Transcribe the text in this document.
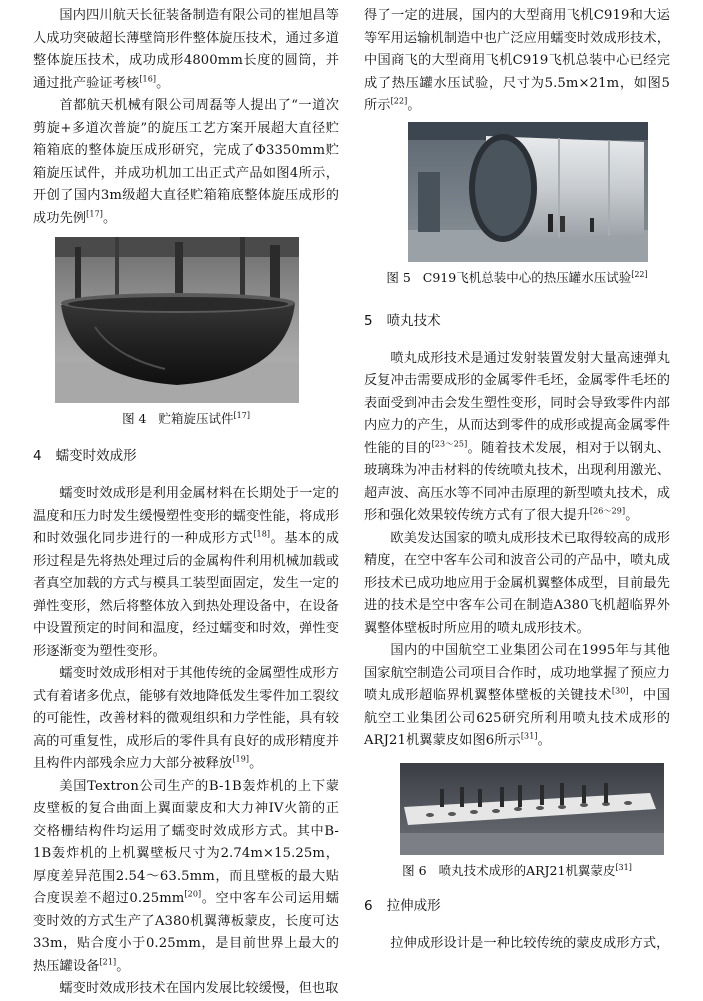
国内四川航天长征装备制造有限公司的崔旭昌等人成功突破超长薄壁筒形件整体旋压技术，通过多道整体旋压技术，成功成形4800mm长度的圆筒，并通过批产验证考核[16]。

首都航天机械有限公司周磊等人提出了“一道次剪旋+多道次普旋”的旋压工艺方案开展超大直径贮箱箱底的整体旋压成形研究，完成了Φ3350mm贮箱旋压试件，并成功机加工出正式产品如图4所示，开创了国内3m级超大直径贮箱箱底整体旋压成形的成功先例[17]。

图 4 贮箱旋压试件[17]

4 蠕变时效成形

蠕变时效成形是利用金属材料在长期处于一定的温度和压力时发生缓慢塑性变形的蠕变性能，将成形和时效强化同步进行的一种成形方式[18]。基本的成形过程是先将热处理过后的金属构件利用机械加载或者真空加载的方式与模具工装型面固定，发生一定的弹性变形，然后将整体放入到热处理设备中，在设备中设置预定的时间和温度，经过蠕变和时效，弹性变形逐渐变为塑性变形。

蠕变时效成形相对于其他传统的金属塑性成形方式有着诸多优点，能够有效地降低发生零件加工裂纹的可能性，改善材料的微观组织和力学性能，具有较高的可重复性，成形后的零件具有良好的成形精度并且构件内部残余应力大部分被释放[19]。

美国Textron公司生产的B-1B轰炸机的上下蒙皮壁板的复合曲面上翼面蒙皮和大力神IV火箭的正交格栅结构件均运用了蠕变时效成形方式。其中B-1B轰炸机的上机翼壁板尺寸为2.74m×15.25m，厚度差异范围2.54～63.5mm，而且壁板的最大贴合度误差不超过0.25mm[20]。空中客车公司运用蠕变时效的方式生产了A380机翼薄板蒙皮，长度可达33m，贴合度小于0.25mm，是目前世界上最大的热压罐设备[21]。

蠕变时效成形技术在国内发展比较缓慢，但也取

得了一定的进展，国内的大型商用飞机C919和大运等军用运输机制造中也广泛应用蠕变时效成形技术，中国商飞的大型商用飞机C919飞机总装中心已经完成了热压罐水压试验，尺寸为5.5m×21m，如图5所示[22]。

图 5 C919飞机总装中心的热压罐水压试验[22]

5 喷丸技术

喷丸成形技术是通过发射装置发射大量高速弹丸反复冲击需要成形的金属零件毛坯，金属零件毛坯的表面受到冲击会发生塑性变形，同时会导致零件内部内应力的产生，从而达到零件的成形或提高金属零件性能的目的[23～25]。随着技术发展，相对于以钢丸、玻璃珠为冲击材料的传统喷丸技术，出现利用激光、超声波、高压水等不同冲击原理的新型喷丸技术，成形和强化效果较传统方式有了很大提升[26～29]。

欧美发达国家的喷丸成形技术已取得较高的成形精度，在空中客车公司和波音公司的产品中，喷丸成形技术已成功地应用于金属机翼整体成型，目前最先进的技术是空中客车公司在制造A380飞机超临界外翼整体壁板时所应用的喷丸成形技术。

国内的中国航空工业集团公司在1995年与其他国家航空制造公司项目合作时，成功地掌握了预应力喷丸成形超临界机翼整体壁板的关键技术[30]，中国航空工业集团公司625研究所利用喷丸技术成形的ARJ21机翼蒙皮如图6所示[31]。

图 6 喷丸技术成形的ARJ21机翼蒙皮[31]

6 拉伸成形

拉伸成形设计是一种比较传统的蒙皮成形方式，
